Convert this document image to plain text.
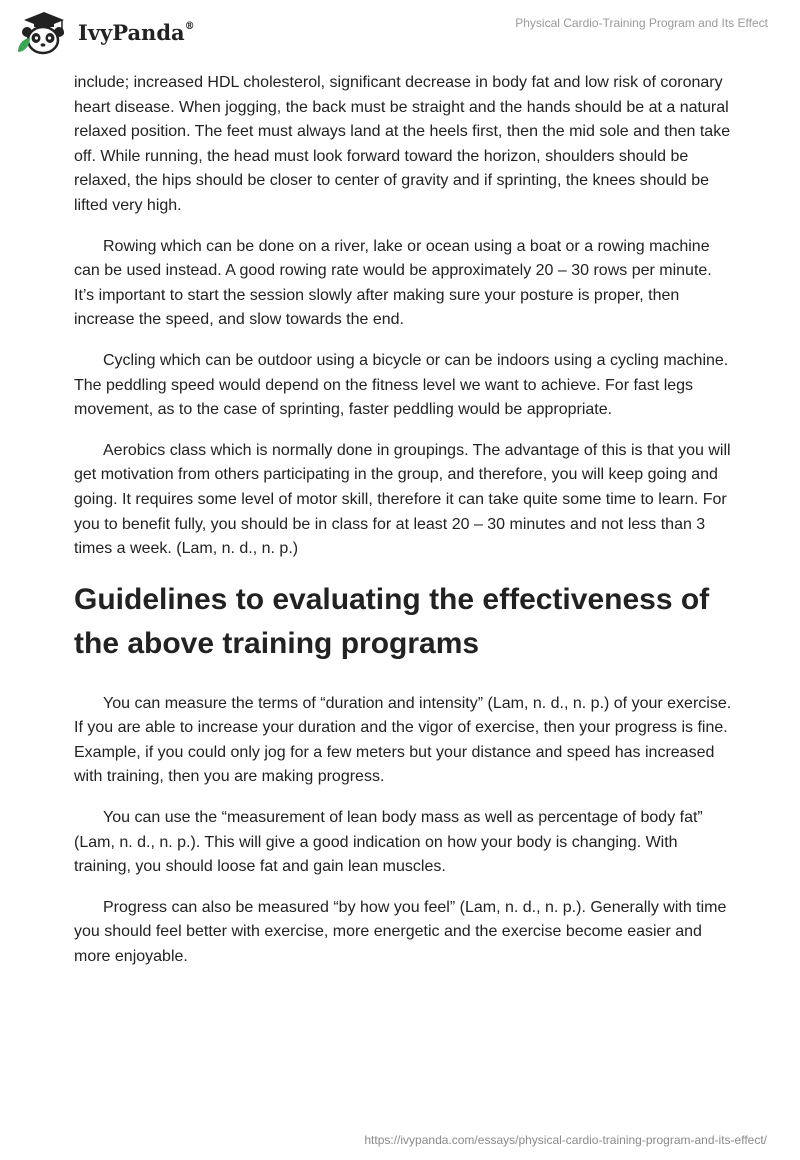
IvyPanda®	Physical Cardio-Training Program and Its Effect

include; increased HDL cholesterol, significant decrease in body fat and low risk of coronary heart disease. When jogging, the back must be straight and the hands should be at a natural relaxed position. The feet must always land at the heels first, then the mid sole and then take off. While running, the head must look forward toward the horizon, shoulders should be relaxed, the hips should be closer to center of gravity and if sprinting, the knees should be lifted very high.

Rowing which can be done on a river, lake or ocean using a boat or a rowing machine can be used instead. A good rowing rate would be approximately 20 – 30 rows per minute. It’s important to start the session slowly after making sure your posture is proper, then increase the speed, and slow towards the end.

Cycling which can be outdoor using a bicycle or can be indoors using a cycling machine. The peddling speed would depend on the fitness level we want to achieve. For fast legs movement, as to the case of sprinting, faster peddling would be appropriate.

Aerobics class which is normally done in groupings. The advantage of this is that you will get motivation from others participating in the group, and therefore, you will keep going and going. It requires some level of motor skill, therefore it can take quite some time to learn. For you to benefit fully, you should be in class for at least 20 – 30 minutes and not less than 3 times a week. (Lam, n. d., n. p.)

Guidelines to evaluating the effectiveness of the above training programs

You can measure the terms of “duration and intensity” (Lam, n. d., n. p.) of your exercise. If you are able to increase your duration and the vigor of exercise, then your progress is fine. Example, if you could only jog for a few meters but your distance and speed has increased with training, then you are making progress.

You can use the “measurement of lean body mass as well as percentage of body fat” (Lam, n. d., n. p.). This will give a good indication on how your body is changing. With training, you should loose fat and gain lean muscles.

Progress can also be measured “by how you feel” (Lam, n. d., n. p.). Generally with time you should feel better with exercise, more energetic and the exercise become easier and more enjoyable.

https://ivypanda.com/essays/physical-cardio-training-program-and-its-effect/
